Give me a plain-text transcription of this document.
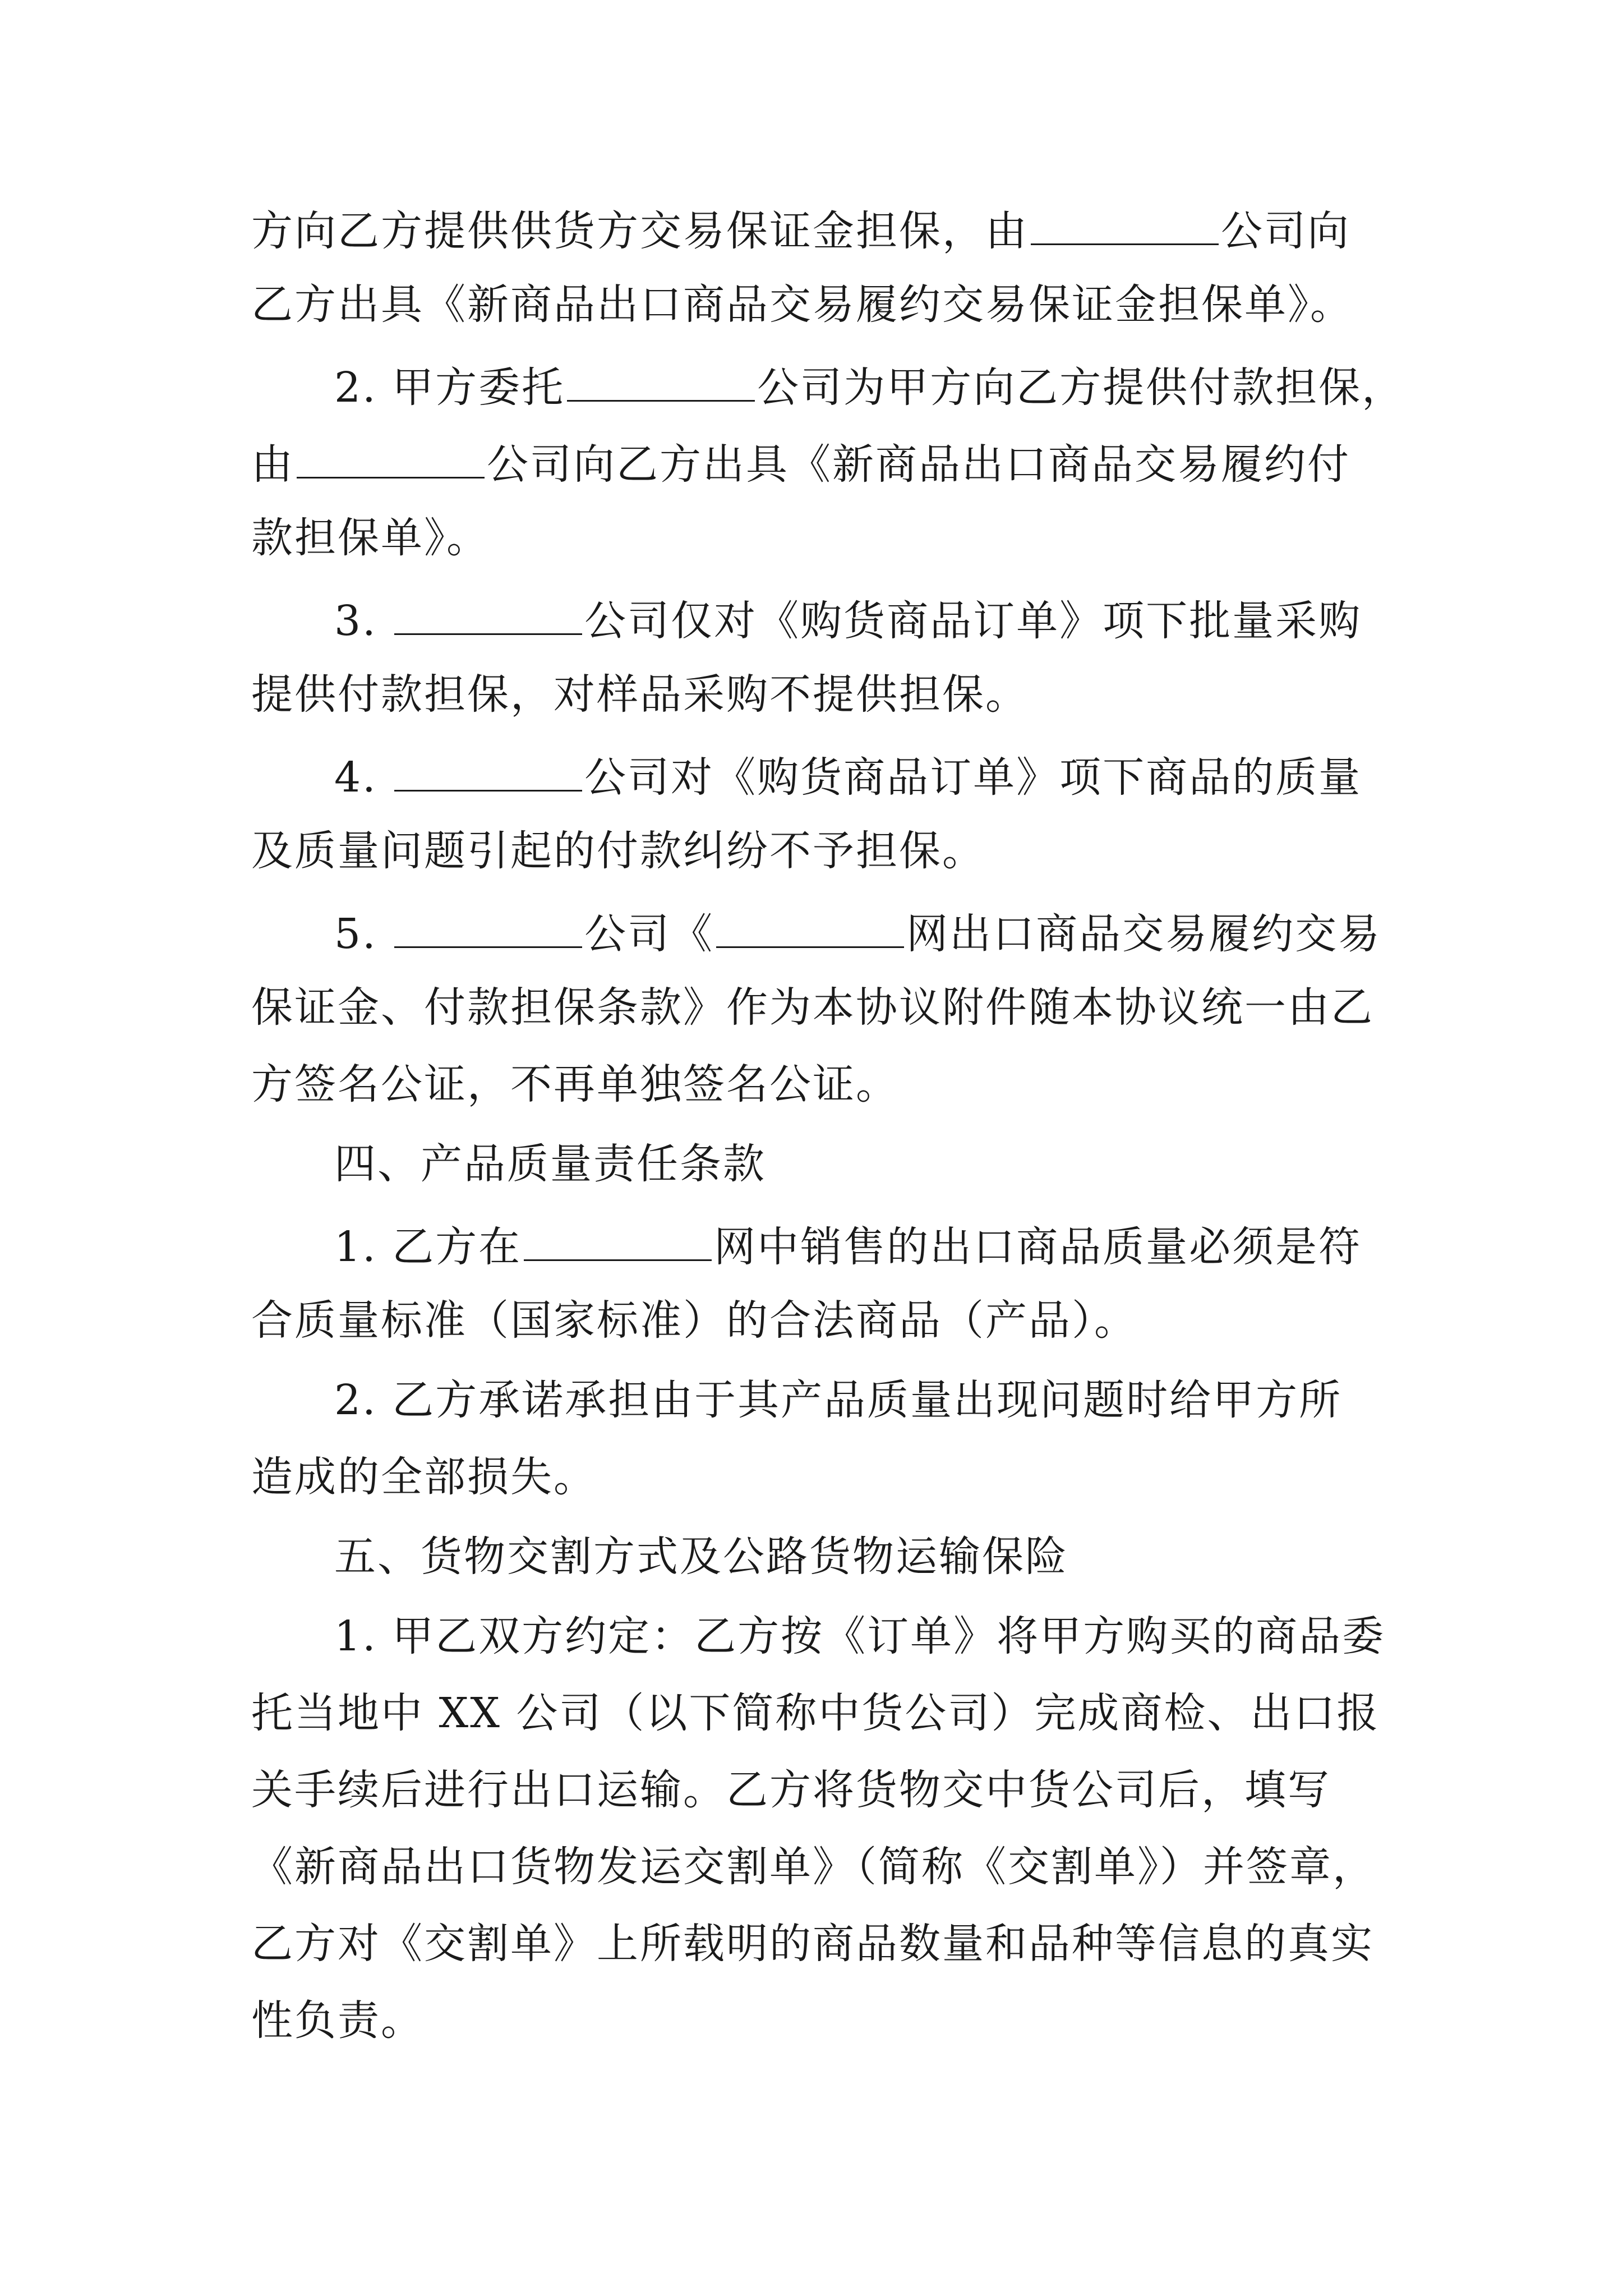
方向乙方提供供货方交易保证金担保，由	公司向
乙方出具《新商品出口商品交易履约交易保证金担保单》。
2. 甲方委托	公司为甲方向乙方提供付款担保，
由	公司向乙方出具《新商品出口商品交易履约付
款担保单》。
3.	公司仅对《购货商品订单》项下批量采购
提供付款担保，对样品采购不提供担保。
4.	公司对《购货商品订单》项下商品的质量
及质量问题引起的付款纠纷不予担保。
5.	公司《	网出口商品交易履约交易
保证金、付款担保条款》作为本协议附件随本协议统一由乙
方签名公证，不再单独签名公证。
四、产品质量责任条款
1. 乙方在	网中销售的出口商品质量必须是符
合质量标准（国家标准）的合法商品（产品）。
2. 乙方承诺承担由于其产品质量出现问题时给甲方所
造成的全部损失。
五、货物交割方式及公路货物运输保险
1. 甲乙双方约定：乙方按《订单》将甲方购买的商品委
托当地中 XX 公司（以下简称中货公司）完成商检、出口报
关手续后进行出口运输。乙方将货物交中货公司后，填写
《新商品出口货物发运交割单》（简称《交割单》）并签章，
乙方对《交割单》上所载明的商品数量和品种等信息的真实
性负责。
